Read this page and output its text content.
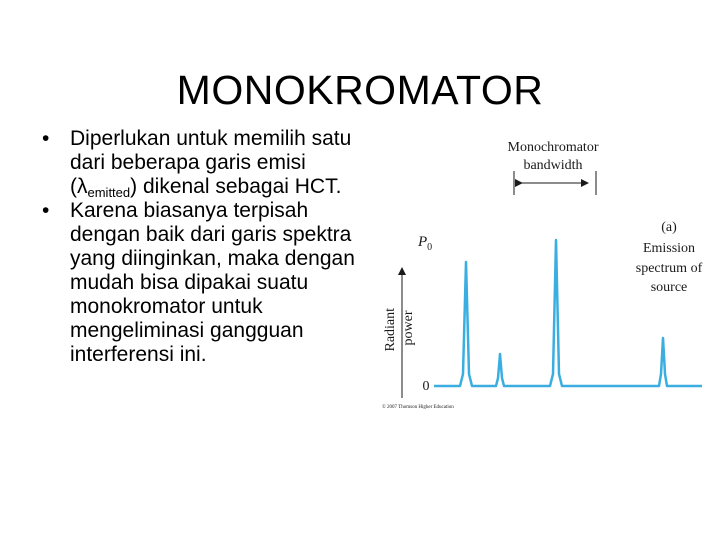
MONOKROMATOR
• Diperlukan untuk memilih satu dari beberapa garis emisi $(\lambda_{emitted})$ dikenal sebagai HCT.
• Karena biasanya terpisah dengan baik dari garis spektra yang diinginkan, maka dengan mudah bisa dipakai suatu monokromator untuk mengeliminasi gangguan interferensi ini.
Monochromator
bandwidth
$P_0$
0
Radiant power
(a)
Emission
spectrum of
source
© 2007 Thomson Higher Education
